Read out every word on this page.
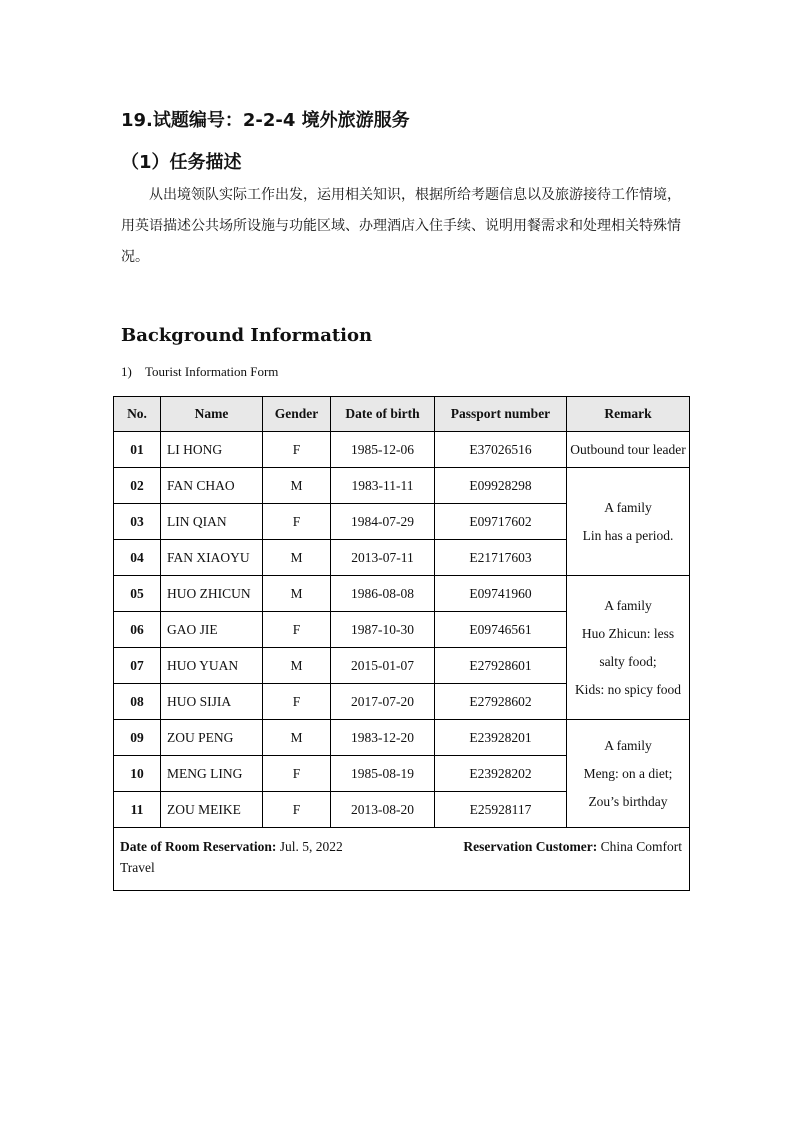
19.试题编号：2-2-4 境外旅游服务
（1）任务描述
从出境领队实际工作出发，运用相关知识，根据所给考题信息以及旅游接待工作情境，
用英语描述公共场所设施与功能区域、办理酒店入住手续、说明用餐需求和处理相关特殊情
况。
Background Information
1) Tourist Information Form
No.	Name	Gender	Date of birth	Passport number	Remark
01	LI HONG	F	1985-12-06	E37026516	Outbound tour leader

02	FAN CHAO	M	1983-11-11	E09928298	A family
Lin has a period.

03	LIN QIAN	F	1984-07-29	E09717602	
04	FAN XIAOYU	M	2013-07-11	E21717603	
05	HUO ZHICUN	M	1986-08-08	E09741960	A family
Huo Zhicun: less
salty food;
Kids: no spicy food

06	GAO JIE	F	1987-10-30	E09746561	
07	HUO YUAN	M	2015-01-07	E27928601	
08	HUO SIJIA	F	2017-07-20	E27928602	
09	ZOU PENG	M	1983-12-20	E23928201	A family
Meng: on a diet;
Zou’s birthday

10	MENG LING	F	1985-08-19	E23928202	
11	ZOU MEIKE	F	2013-08-20	E25928117	

Date of Room Reservation: Jul. 5, 2022 Reservation Customer: China Comfort
Travel					
